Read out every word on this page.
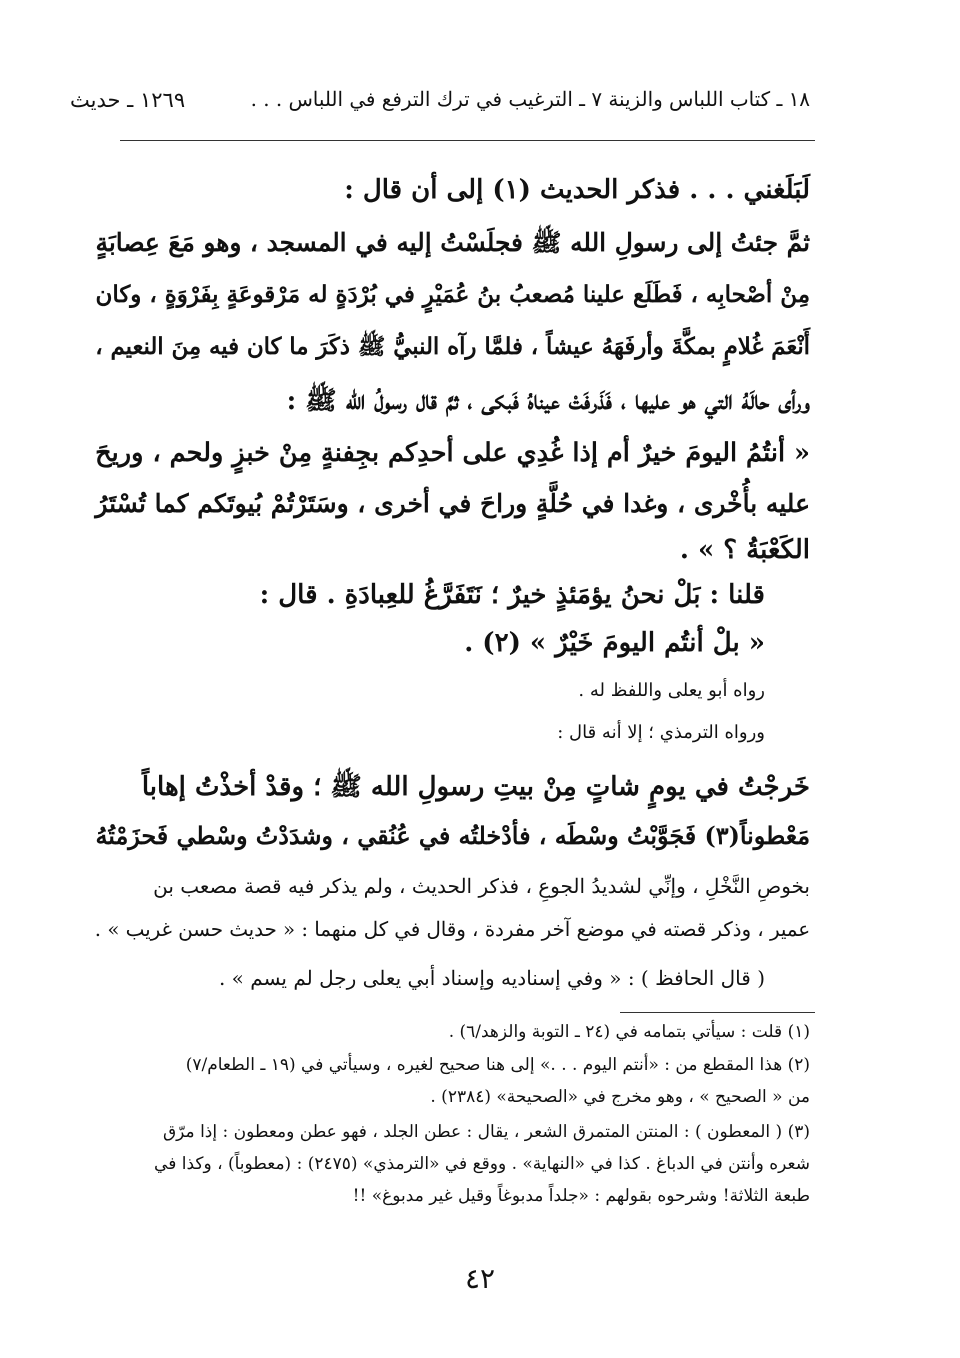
١٨ ـ كتاب اللباس والزينة ٧ ـ الترغيب في ترك الترفع في اللباس . . .
١٢٦٩ ـ حديث
لَبَلَغني . . . فذكر الحديث (١) إلى أن قال :
ثمَّ جئتُ إلى رسولِ الله ﷺ فجلَسْتُ إليه في المسجد ، وهو مَعَ عِصابَةٍ
مِنْ أصْحابِه ، فَطَلَع علينا مُصعبُ بنُ عُمَيْرٍ في بُرْدَةٍ له مَرْقوعَةٍ بِفَرْوَةٍ ، وكان
أَنْعَمَ غُلامٍ بمكَّةَ وأرفَهَهُ عيشاً ، فلمَّا رآه النبيُّ ﷺ ذكَرَ ما كان فيه مِنَ النعيم ،
ورأى حالَهُ التي هو عليها ، فَذَرفَتْ عيناهُ فَبكى ، ثمَّ قال رسولُ الله ﷺ :
« أنتُمُ اليومَ خيرٌ أم إذا غُدِي على أحدِكم بجِفنةٍ مِنْ خبزٍ ولحم ، وريحَ
عليه بأُخْرى ، وغدا في حُلَّةٍ وراحَ في أخرى ، وسَتَرْتُمْ بُيوتَكم كما تُسْتَرُ
الكَعْبَةُ ؟ » .
قلنا : بَلْ نحنُ يؤمَئذٍ خيرٌ ؛ نَتَفَرَّغُ للعِبادَةِ . قال :
« بلْ أنتُم اليومَ خَيْرٌ » (٢) .
رواه أبو يعلى واللفظ له .
ورواه الترمذي ؛ إلا أنه قال :
خَرجْتُ في يومٍ شاتٍ مِنْ بيتِ رسولِ الله ﷺ ؛ وقدْ أخذْتُ إهاباً
مَعْطوناً(٣) فَجَوَّبْتُ وسْطَه ، فأدْخلتُه في عُنُقي ، وشدَدْتُ وسْطي فَحزَمْتُهُ
بخوصِ النَّخْلِ ، وإنِّي لشديدُ الجوعِ ، فذكر الحديث ، ولم يذكر فيه قصة مصعب بن
عمير ، وذكر قصته في موضع آخر مفردة ، وقال في كل منهما : « حديث حسن غريب » .
( قال الحافظ ) : « وفي إسناديه وإسناد أبي يعلى رجل لم يسم » .
(١) قلت : سيأتي بتمامه في (٢٤ ـ التوبة والزهد/٦) .
(٢) هذا المقطع من : «أنتم اليوم . . .» إلى هنا صحيح لغيره ، وسيأتي في (١٩ ـ الطعام/٧)
من « الصحيح » ، وهو مخرج في «الصحيحة» (٢٣٨٤) .
(٣) ( المعطون ) : المنتن المتمرق الشعر ، يقال : عطن الجلد ، فهو عطن ومعطون : إذا مرّق
شعره وأنتن في الدباغ . كذا في «النهاية» . ووقع في «الترمذي» (٢٤٧٥) : (معطوباً) ، وكذا في
طبعة الثلاثة! وشرحوه بقولهم : «جلداً مدبوغاً وقيل غير مدبوغ» !!
٤٢
